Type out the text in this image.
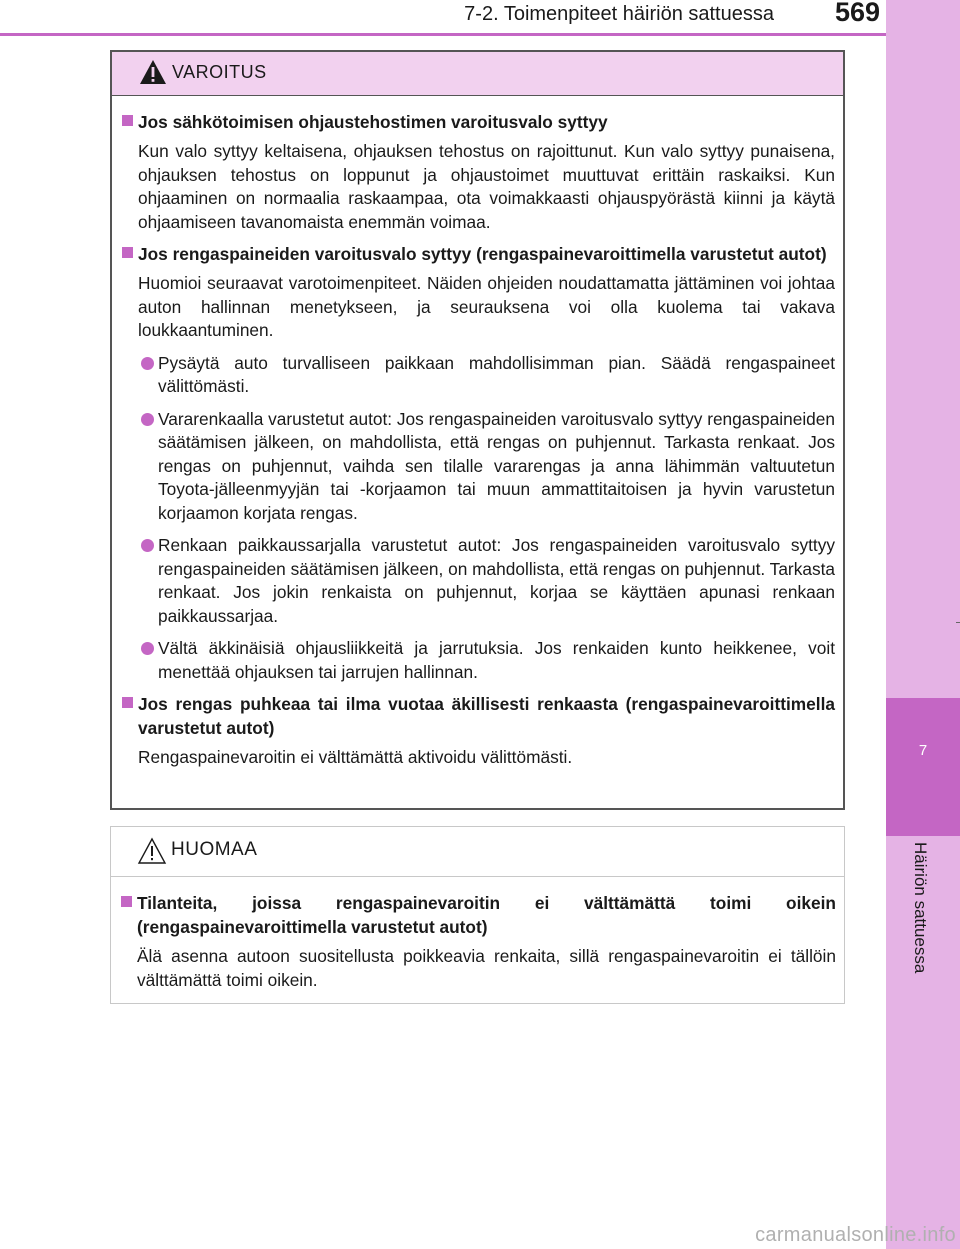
7-2. Toimenpiteet häiriön sattuessa 569
7
Häiriön sattuessa
VAROITUS
Jos sähkötoimisen ohjaustehostimen varoitusvalo syttyy
Kun valo syttyy keltaisena, ohjauksen tehostus on rajoittunut. Kun valo syttyy punaisena, ohjauksen tehostus on loppunut ja ohjaustoimet muuttuvat erittäin raskaiksi. Kun ohjaaminen on normaalia raskaampaa, ota voimakkaasti ohjauspyörästä kiinni ja käytä ohjaamiseen tavanomaista enemmän voimaa.
Jos rengaspaineiden varoitusvalo syttyy (rengaspainevaroittimella varustetut autot)
Huomioi seuraavat varotoimenpiteet. Näiden ohjeiden noudattamatta jättäminen voi johtaa auton hallinnan menetykseen, ja seurauksena voi olla kuolema tai vakava loukkaantuminen.
Pysäytä auto turvalliseen paikkaan mahdollisimman pian. Säädä rengaspaineet välittömästi.
Vararenkaalla varustetut autot: Jos rengaspaineiden varoitusvalo syttyy rengaspaineiden säätämisen jälkeen, on mahdollista, että rengas on puhjennut. Tarkasta renkaat. Jos rengas on puhjennut, vaihda sen tilalle vararengas ja anna lähimmän valtuutetun Toyota-jälleenmyyjän tai -korjaamon tai muun ammattitaitoisen ja hyvin varustetun korjaamon korjata rengas.
Renkaan paikkaussarjalla varustetut autot: Jos rengaspaineiden varoitusvalo syttyy rengaspaineiden säätämisen jälkeen, on mahdollista, että rengas on puhjennut. Tarkasta renkaat. Jos jokin renkaista on puhjennut, korjaa se käyttäen apunasi renkaan paikkaussarjaa.
Vältä äkkinäisiä ohjausliikkeitä ja jarrutuksia. Jos renkaiden kunto heikkenee, voit menettää ohjauksen tai jarrujen hallinnan.
Jos rengas puhkeaa tai ilma vuotaa äkillisesti renkaasta (rengaspainevaroittimella varustetut autot)
Rengaspainevaroitin ei välttämättä aktivoidu välittömästi.
HUOMAA
Tilanteita, joissa rengaspainevaroitin ei välttämättä toimi oikein (rengaspainevaroittimella varustetut autot)
Älä asenna autoon suositellusta poikkeavia renkaita, sillä rengaspainevaroitin ei tällöin välttämättä toimi oikein.
carmanualsonline.info
